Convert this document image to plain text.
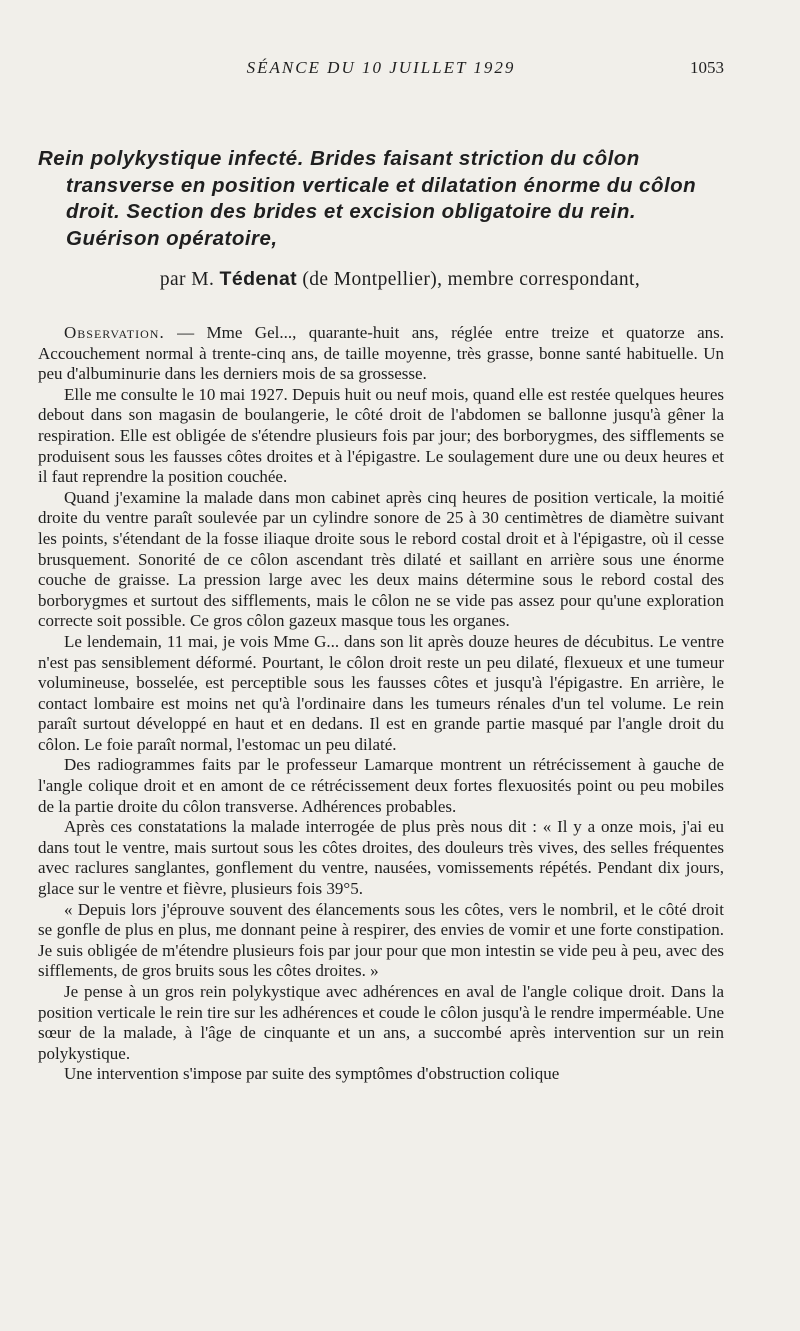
SÉANCE DU 10 JUILLET 1929	1053
Rein polykystique infecté. Brides faisant striction du côlon transverse en position verticale et dilatation énorme du côlon droit. Section des brides et excision obligatoire du rein. Guérison opératoire,
par M. Tédenat (de Montpellier), membre correspondant,

Observation. — Mme Gel..., quarante-huit ans, réglée entre treize et quatorze ans. Accouchement normal à trente-cinq ans, de taille moyenne, très grasse, bonne santé habituelle. Un peu d'albuminurie dans les derniers mois de sa grossesse.

Elle me consulte le 10 mai 1927. Depuis huit ou neuf mois, quand elle est restée quelques heures debout dans son magasin de boulangerie, le côté droit de l'abdomen se ballonne jusqu'à gêner la respiration. Elle est obligée de s'étendre plusieurs fois par jour; des borborygmes, des sifflements se produisent sous les fausses côtes droites et à l'épigastre. Le soulagement dure une ou deux heures et il faut reprendre la position couchée.

Quand j'examine la malade dans mon cabinet après cinq heures de position verticale, la moitié droite du ventre paraît soulevée par un cylindre sonore de 25 à 30 centimètres de diamètre suivant les points, s'étendant de la fosse iliaque droite sous le rebord costal droit et à l'épigastre, où il cesse brusquement. Sonorité de ce côlon ascendant très dilaté et saillant en arrière sous une énorme couche de graisse. La pression large avec les deux mains détermine sous le rebord costal des borborygmes et surtout des sifflements, mais le côlon ne se vide pas assez pour qu'une exploration correcte soit possible. Ce gros côlon gazeux masque tous les organes.

Le lendemain, 11 mai, je vois Mme G... dans son lit après douze heures de décubitus. Le ventre n'est pas sensiblement déformé. Pourtant, le côlon droit reste un peu dilaté, flexueux et une tumeur volumineuse, bosselée, est perceptible sous les fausses côtes et jusqu'à l'épigastre. En arrière, le contact lombaire est moins net qu'à l'ordinaire dans les tumeurs rénales d'un tel volume. Le rein paraît surtout développé en haut et en dedans. Il est en grande partie masqué par l'angle droit du côlon. Le foie paraît normal, l'estomac un peu dilaté.

Des radiogrammes faits par le professeur Lamarque montrent un rétrécissement à gauche de l'angle colique droit et en amont de ce rétrécissement deux fortes flexuosités point ou peu mobiles de la partie droite du côlon transverse. Adhérences probables.

Après ces constatations la malade interrogée de plus près nous dit : « Il y a onze mois, j'ai eu dans tout le ventre, mais surtout sous les côtes droites, des douleurs très vives, des selles fréquentes avec raclures sanglantes, gonflement du ventre, nausées, vomissements répétés. Pendant dix jours, glace sur le ventre et fièvre, plusieurs fois 39°5.

« Depuis lors j'éprouve souvent des élancements sous les côtes, vers le nombril, et le côté droit se gonfle de plus en plus, me donnant peine à respirer, des envies de vomir et une forte constipation. Je suis obligée de m'étendre plusieurs fois par jour pour que mon intestin se vide peu à peu, avec des sifflements, de gros bruits sous les côtes droites. »

Je pense à un gros rein polykystique avec adhérences en aval de l'angle colique droit. Dans la position verticale le rein tire sur les adhérences et coude le côlon jusqu'à le rendre imperméable. Une sœur de la malade, à l'âge de cinquante et un ans, a succombé après intervention sur un rein polykystique.

Une intervention s'impose par suite des symptômes d'obstruction colique
